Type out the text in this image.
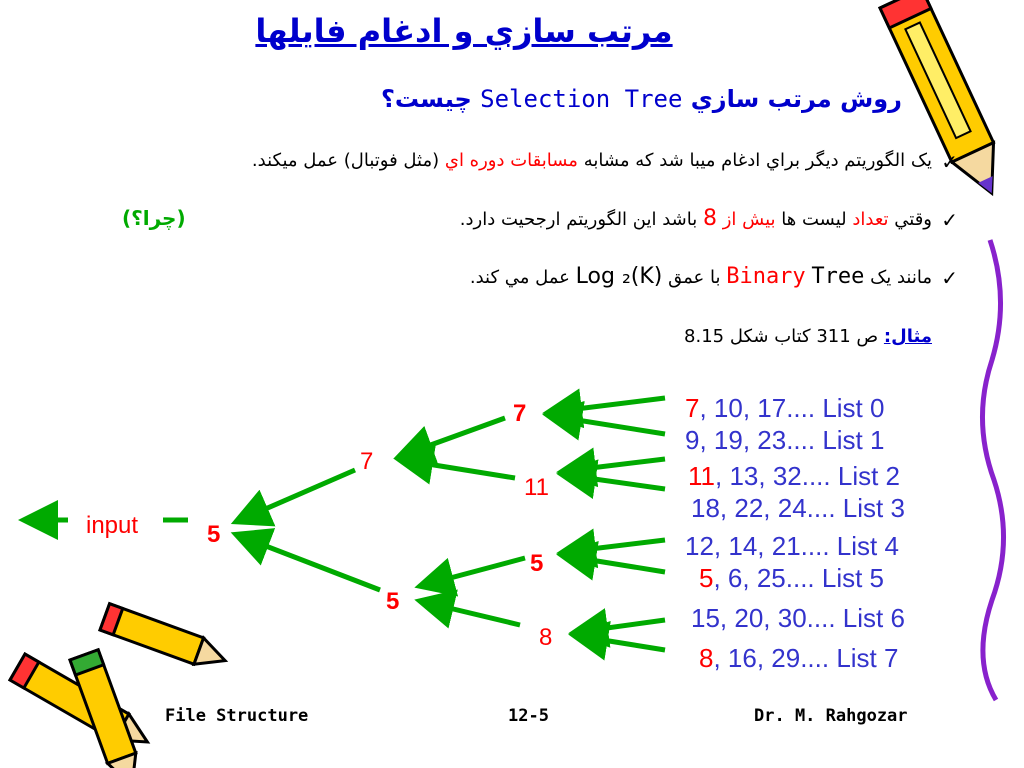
مرتب سازي و ادغام فايلها
روش مرتب سازي Selection Tree چيست؟
✓
يک الگوريتم ديگر براي ادغام ميبا شد که مشابه مسابقات دوره اي (مثل فوتبال) عمل ميکند.
✓
وقتي تعداد ليست ها بيش از 8 باشد اين الگوريتم ارجحيت دارد.
(چرا؟)
✓
مانند يک Binary Tree با عمق Log ₂(K) عمل مي کند.
مثال: ص 311 کتاب شکل 8.15
7, 10, 17.... List 0
9, 19, 23.... List 1
11, 13, 32.... List 2
18, 22, 24.... List 3
12, 14, 21.... List 4
5, 6, 25.... List 5
15, 20, 30.... List 6
8, 16, 29.... List 7
7
11
5
8
7
5
5
input
File Structure	12-5	Dr. M. Rahgozar
